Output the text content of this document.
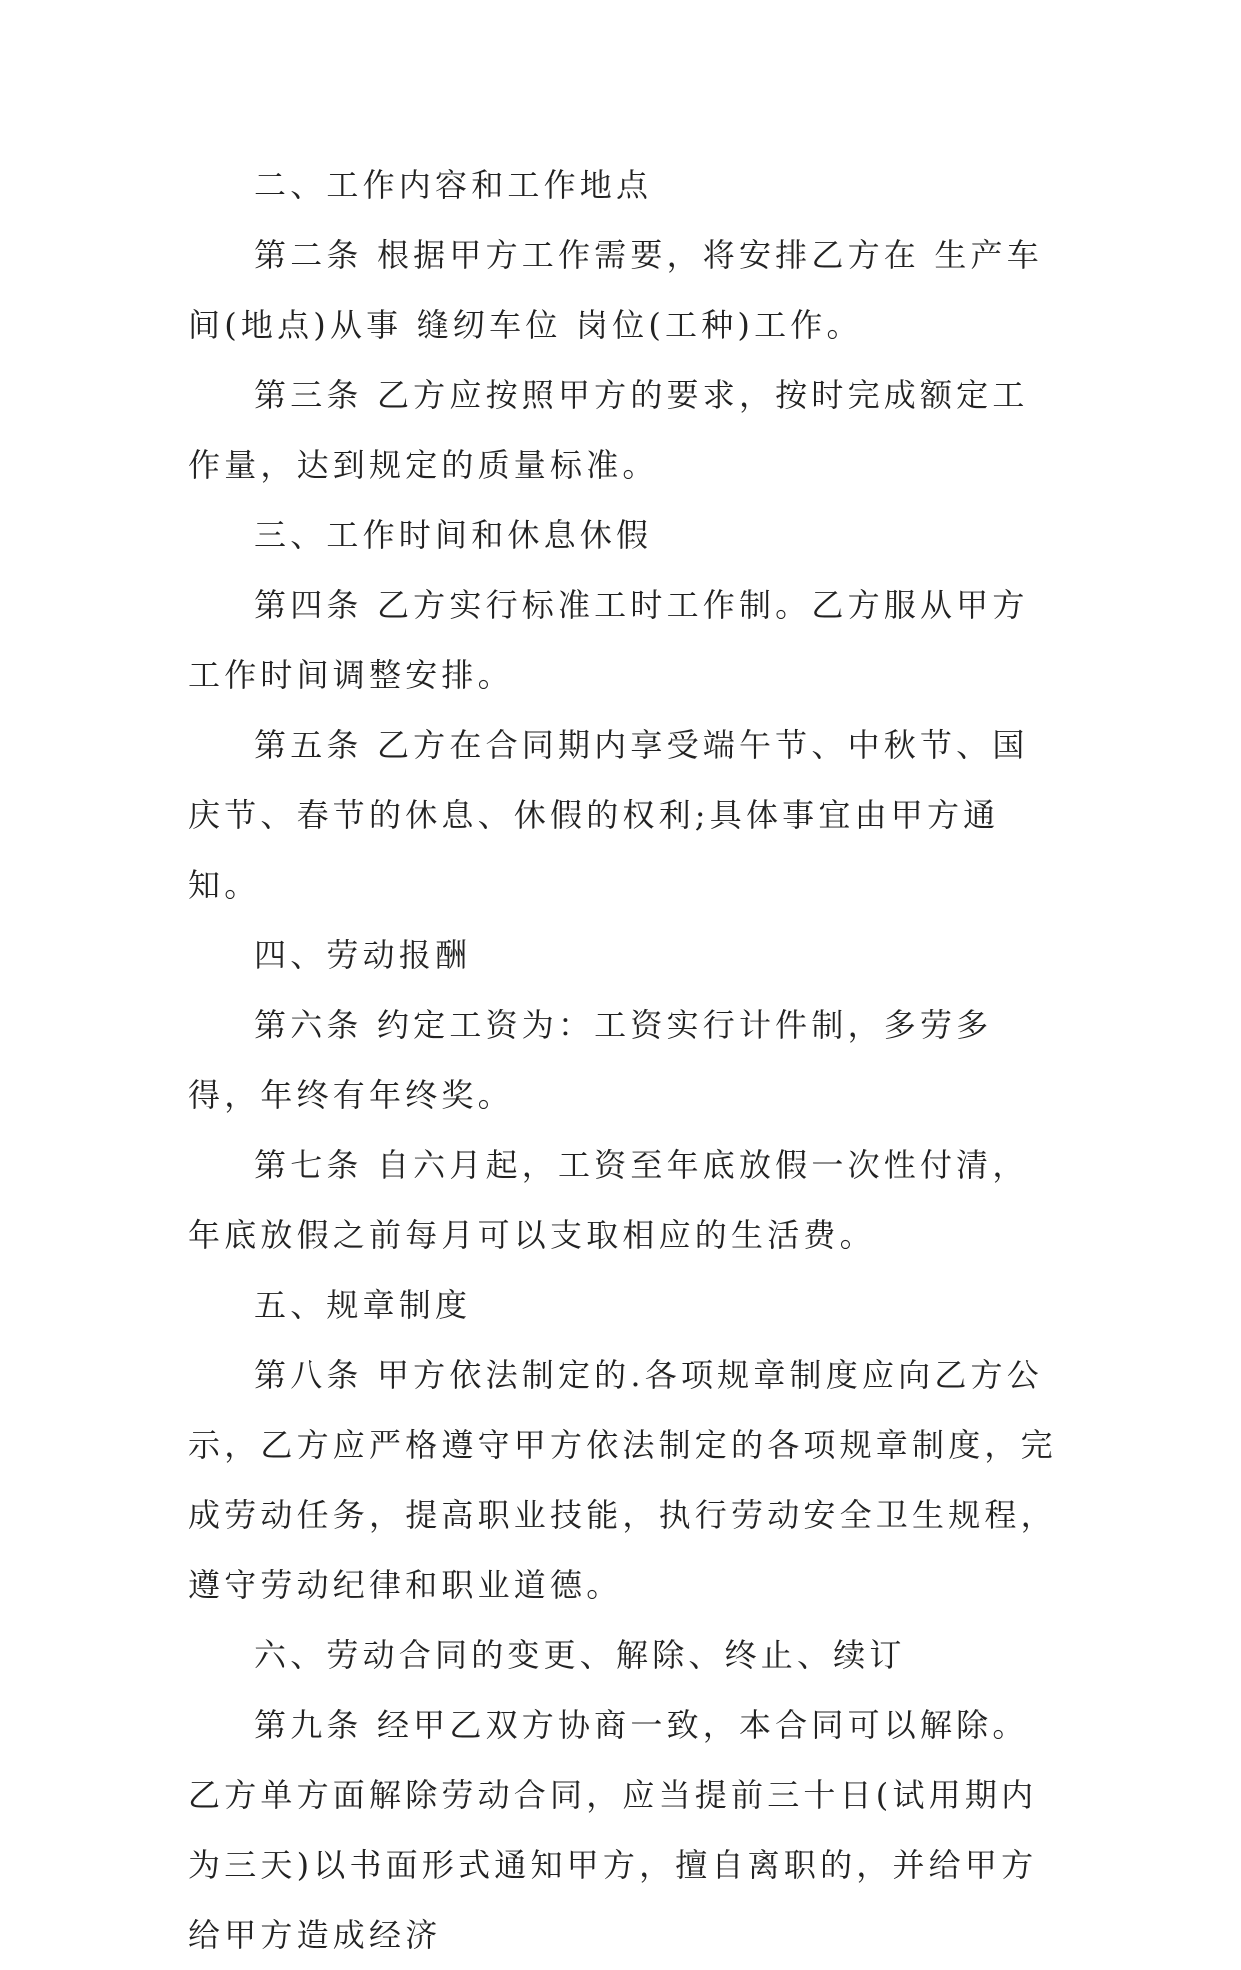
二、工作内容和工作地点

第二条 根据甲方工作需要，将安排乙方在 生产车间(地点)从事 缝纫车位 岗位(工种)工作。

第三条 乙方应按照甲方的要求，按时完成额定工作量，达到规定的质量标准。

三、工作时间和休息休假

第四条 乙方实行标准工时工作制。乙方服从甲方工作时间调整安排。

第五条 乙方在合同期内享受端午节、中秋节、国庆节、春节的休息、休假的权利;具体事宜由甲方通知。

四、劳动报酬

第六条 约定工资为：工资实行计件制，多劳多得，年终有年终奖。

第七条 自六月起，工资至年底放假一次性付清，年底放假之前每月可以支取相应的生活费。

五、规章制度

第八条 甲方依法制定的.各项规章制度应向乙方公示，乙方应严格遵守甲方依法制定的各项规章制度，完成劳动任务，提高职业技能，执行劳动安全卫生规程，遵守劳动纪律和职业道德。

六、劳动合同的变更、解除、终止、续订

第九条 经甲乙双方协商一致，本合同可以解除。乙方单方面解除劳动合同，应当提前三十日(试用期内为三天)以书面形式通知甲方，擅自离职的，并给甲方给甲方造成经济
